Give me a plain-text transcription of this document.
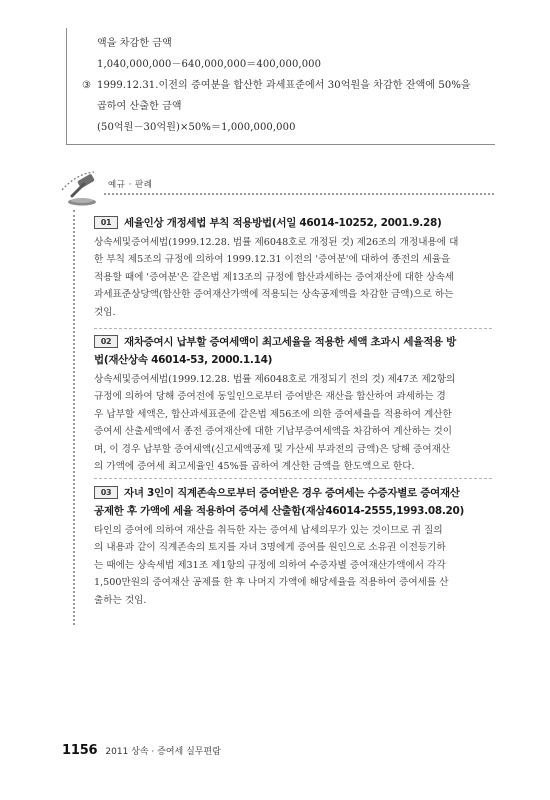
액을 차감한 금액
1,040,000,000－640,000,000＝400,000,000
③ 1999.12.31.이전의 증여분을 합산한 과세표준에서 30억원을 차감한 잔액에 50%을
곱하여 산출한 금액
(50억원－30억원)×50%＝1,000,000,000
예규 · 판례
01 세율인상 개정세법 부칙 적용방법(서일 46014-10252, 2001.9.28)
상속세및증여세법(1999.12.28. 법률 제6048호로 개정된 것) 제26조의 개정내용에 대
한 부칙 제5조의 규정에 의하여 1999.12.31 이전의 '증여분'에 대하여 종전의 세율을
적용할 때에 '증여분'은 같은법 제13조의 규정에 합산과세하는 증여재산에 대한 상속세
과세표준상당액(합산한 증여재산가액에 적용되는 상속공제액을 차감한 금액)으로 하는
것임.
02 재차증여시 납부할 증여세액이 최고세율을 적용한 세액 초과시 세율적용 방
법(재산상속 46014-53, 2000.1.14)
상속세및증여세법(1999.12.28. 법률 제6048호로 개정되기 전의 것) 제47조 제2항의
규정에 의하여 당해 증여전에 동일인으로부터 증여받은 재산을 합산하여 과세하는 경
우 납부할 세액은, 합산과세표준에 같은법 제56조에 의한 증여세율을 적용하여 계산한
증여세 산출세액에서 종전 증여재산에 대한 기납부증여세액을 차감하여 계산하는 것이
며, 이 경우 납부할 증여세액(신고세액공제 및 가산세 부과전의 금액)은 당해 증여재산
의 가액에 증여세 최고세율인 45%를 곱하여 계산한 금액을 한도액으로 한다.
03 자녀 3인이 직계존속으로부터 증여받은 경우 증여세는 수증자별로 증여재산
공제한 후 가액에 세율 적용하여 증여세 산출함(재삼46014-2555,1993.08.20)
타인의 증여에 의하여 재산을 취득한 자는 증여세 납세의무가 있는 것이므로 귀 질의
의 내용과 같이 직계존속의 토지를 자녀 3명에게 증여를 원인으로 소유권 이전등기하
는 때에는 상속세법 제31조 제1항의 규정에 의하여 수증자별 증여재산가액에서 각각
1,500만원의 증여재산 공제를 한 후 나머지 가액에 해당세율을 적용하여 증여세를 산
출하는 것임.
1156 2011 상속 · 증여세 실무편람
